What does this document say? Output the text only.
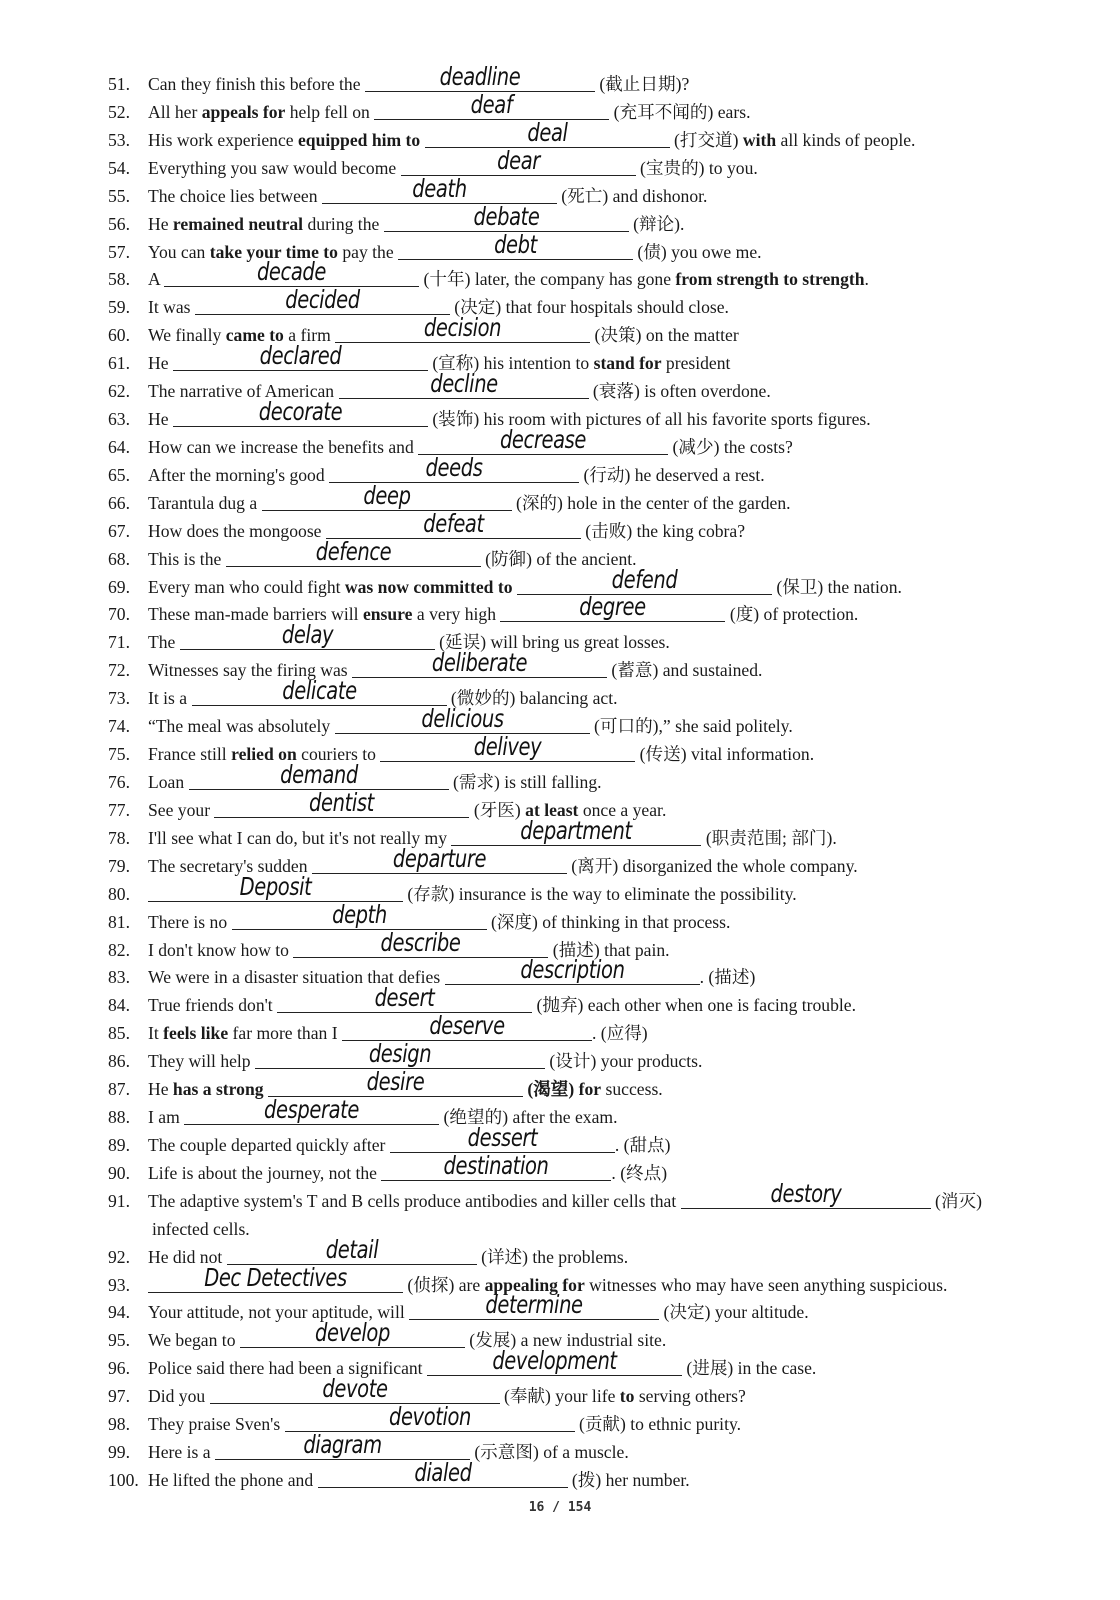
51. Can they finish this before the	deadline	(截止日期)?
52. All her appeals for help fell on	deaf	(充耳不闻的) ears.
53. His work experience equipped him to	deal	(打交道) with all kinds of people.
54. Everything you saw would become	dear	(宝贵的) to you.
55. The choice lies between	death	(死亡) and dishonor.
56. He remained neutral during the	debate	(辩论).
57. You can take your time to pay the	debt	(债) you owe me.
58. A	decade	(十年) later, the company has gone from strength to strength.
59. It was	decided	(决定) that four hospitals should close.
60. We finally came to a firm	decision	(决策) on the matter
61. He	declared	(宣称) his intention to stand for president
62. The narrative of American	decline	(衰落) is often overdone.
63. He	decorate	(装饰) his room with pictures of all his favorite sports figures.
64. How can we increase the benefits and	decrease	(减少) the costs?
65. After the morning's good	deeds	(行动) he deserved a rest.
66. Tarantula dug a	deep	(深的) hole in the center of the garden.
67. How does the mongoose	defeat	(击败) the king cobra?
68. This is the	defence	(防御) of the ancient.
69. Every man who could fight was now committed to	defend	(保卫) the nation.
70. These man-made barriers will ensure a very high	degree	(度) of protection.
71. The	delay	(延误) will bring us great losses.
72. Witnesses say the firing was	deliberate	(蓄意) and sustained.
73. It is a	delicate	(微妙的) balancing act.
74. “The meal was absolutely	delicious	(可口的),” she said politely.
75. France still relied on couriers to	delivey	(传送) vital information.
76. Loan	demand	(需求) is still falling.
77. See your	dentist	(牙医) at least once a year.
78. I'll see what I can do, but it's not really my	department	(职责范围; 部门).
79. The secretary's sudden	departure	(离开) disorganized the whole company.
80.	Deposit	(存款) insurance is the way to eliminate the possibility.
81. There is no	depth	(深度) of thinking in that process.
82. I don't know how to	describe	(描述) that pain.
83. We were in a disaster situation that defies	description	. (描述)
84. True friends don't	desert	(抛弃) each other when one is facing trouble.
85. It feels like far more than I	deserve	. (应得)
86. They will help	design	(设计) your products.
87. He has a strong	desire	(渴望) for success.
88. I am	desperate	(绝望的) after the exam.
89. The couple departed quickly after	dessert	. (甜点)
90. Life is about the journey, not the	destination	. (终点)
91. The adaptive system's T and B cells produce antibodies and killer cells that	destory	(消灭)
infected cells.
92. He did not	detail	(详述) the problems.
93.	Dec Detectives	(侦探) are appealing for witnesses who may have seen anything suspicious.
94. Your attitude, not your aptitude, will	determine	(决定) your altitude.
95. We began to	develop	(发展) a new industrial site.
96. Police said there had been a significant	development	(进展) in the case.
97. Did you	devote	(奉献) your life to serving others?
98. They praise Sven's	devotion	(贡献) to ethnic purity.
99. Here is a	diagram	(示意图) of a muscle.
100. He lifted the phone and	dialed	(拨) her number.
16 / 154
